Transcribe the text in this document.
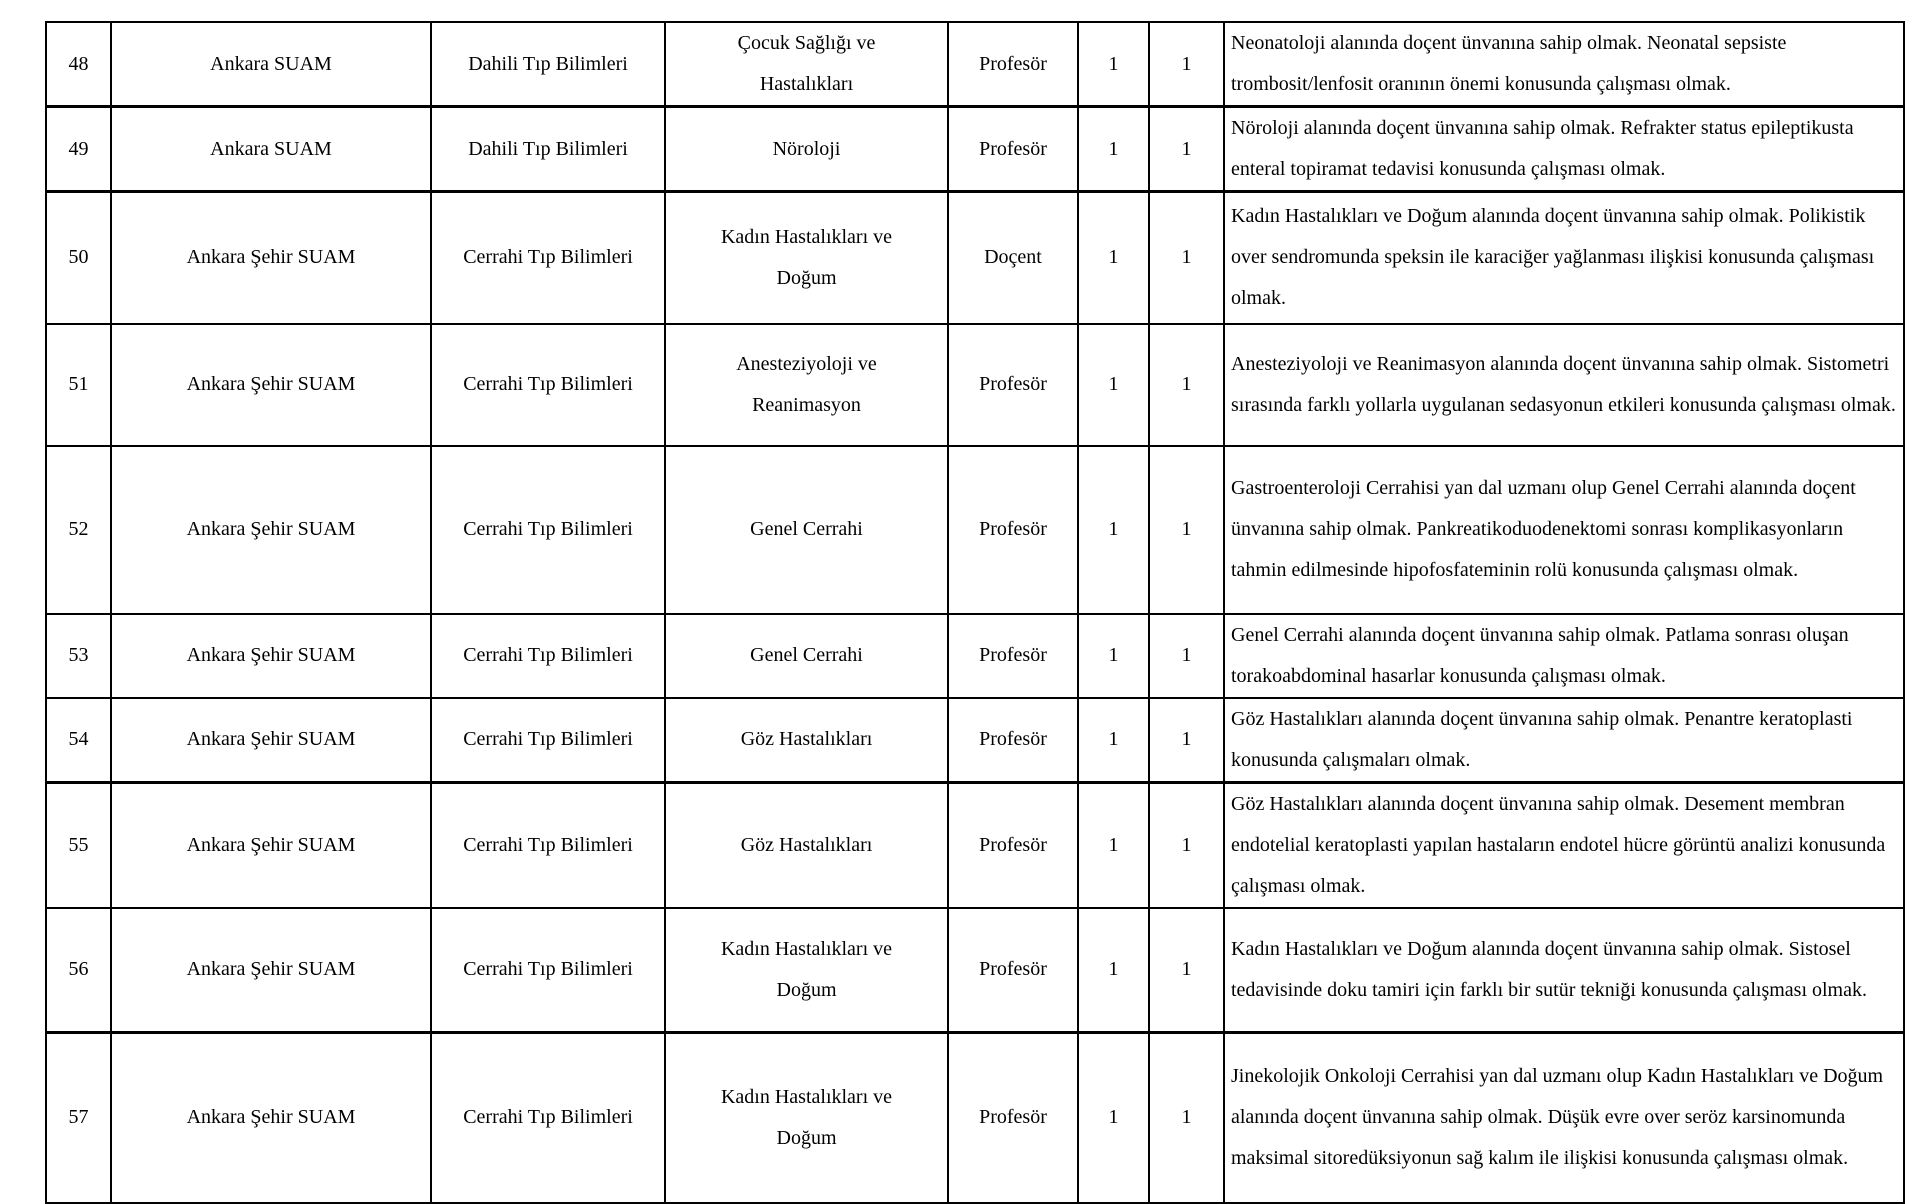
48	Ankara SUAM	Dahili Tıp Bilimleri	Çocuk Sağlığı ve Hastalıkları	Profesör	1	1	Neonatoloji alanında doçent ünvanına sahip olmak. Neonatal sepsiste trombosit/lenfosit oranının önemi konusunda çalışması olmak.
49	Ankara SUAM	Dahili Tıp Bilimleri	Nöroloji	Profesör	1	1	Nöroloji alanında doçent ünvanına sahip olmak. Refrakter status epileptikusta enteral topiramat tedavisi konusunda çalışması olmak.
50	Ankara Şehir SUAM	Cerrahi Tıp Bilimleri	Kadın Hastalıkları ve Doğum	Doçent	1	1	Kadın Hastalıkları ve Doğum alanında doçent ünvanına sahip olmak. Polikistik over sendromunda speksin ile karaciğer yağlanması ilişkisi konusunda çalışması olmak.
51	Ankara Şehir SUAM	Cerrahi Tıp Bilimleri	Anesteziyoloji ve Reanimasyon	Profesör	1	1	Anesteziyoloji ve Reanimasyon alanında doçent ünvanına sahip olmak. Sistometri sırasında farklı yollarla uygulanan sedasyonun etkileri konusunda çalışması olmak.
52	Ankara Şehir SUAM	Cerrahi Tıp Bilimleri	Genel Cerrahi	Profesör	1	1	Gastroenteroloji Cerrahisi yan dal uzmanı olup Genel Cerrahi alanında doçent ünvanına sahip olmak. Pankreatikoduodenektomi sonrası komplikasyonların tahmin edilmesinde hipofosfateminin rolü konusunda çalışması olmak.
53	Ankara Şehir SUAM	Cerrahi Tıp Bilimleri	Genel Cerrahi	Profesör	1	1	Genel Cerrahi alanında doçent ünvanına sahip olmak. Patlama sonrası oluşan torakoabdominal hasarlar konusunda çalışması olmak.
54	Ankara Şehir SUAM	Cerrahi Tıp Bilimleri	Göz Hastalıkları	Profesör	1	1	Göz Hastalıkları alanında doçent ünvanına sahip olmak. Penantre keratoplasti konusunda çalışmaları olmak.
55	Ankara Şehir SUAM	Cerrahi Tıp Bilimleri	Göz Hastalıkları	Profesör	1	1	Göz Hastalıkları alanında doçent ünvanına sahip olmak. Desement membran endotelial keratoplasti yapılan hastaların endotel hücre görüntü analizi konusunda çalışması olmak.
56	Ankara Şehir SUAM	Cerrahi Tıp Bilimleri	Kadın Hastalıkları ve Doğum	Profesör	1	1	Kadın Hastalıkları ve Doğum alanında doçent ünvanına sahip olmak. Sistosel tedavisinde doku tamiri için farklı bir sutür tekniği konusunda çalışması olmak.
57	Ankara Şehir SUAM	Cerrahi Tıp Bilimleri	Kadın Hastalıkları ve Doğum	Profesör	1	1	Jinekolojik Onkoloji Cerrahisi yan dal uzmanı olup Kadın Hastalıkları ve Doğum alanında doçent ünvanına sahip olmak. Düşük evre over seröz karsinomunda maksimal sitoredüksiyonun sağ kalım ile ilişkisi konusunda çalışması olmak.
